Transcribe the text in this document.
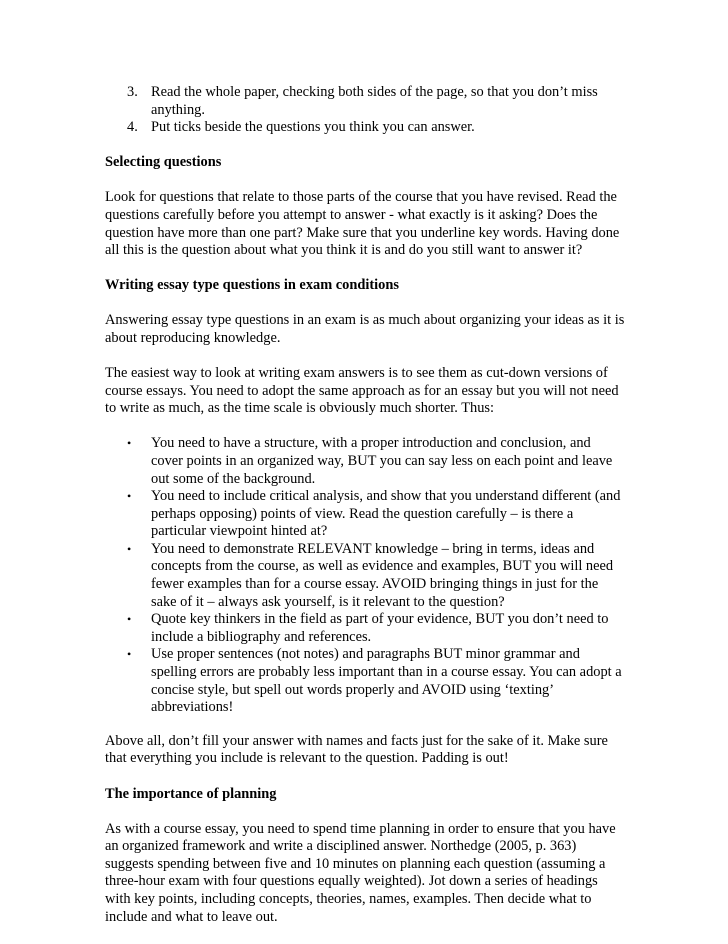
3. Read the whole paper, checking both sides of the page, so that you don’t miss anything.
4. Put ticks beside the questions you think you can answer.
Selecting questions

Look for questions that relate to those parts of the course that you have revised. Read the questions carefully before you attempt to answer - what exactly is it asking? Does the question have more than one part? Make sure that you underline key words. Having done all this is the question about what you think it is and do you still want to answer it?

Writing essay type questions in exam conditions

Answering essay type questions in an exam is as much about organizing your ideas as it is about reproducing knowledge.

The easiest way to look at writing exam answers is to see them as cut-down versions of course essays. You need to adopt the same approach as for an essay but you will not need to write as much, as the time scale is obviously much shorter. Thus:

• You need to have a structure, with a proper introduction and conclusion, and cover points in an organized way, BUT you can say less on each point and leave out some of the background.
• You need to include critical analysis, and show that you understand different (and perhaps opposing) points of view. Read the question carefully – is there a particular viewpoint hinted at?
• You need to demonstrate RELEVANT knowledge – bring in terms, ideas and concepts from the course, as well as evidence and examples, BUT you will need fewer examples than for a course essay. AVOID bringing things in just for the sake of it – always ask yourself, is it relevant to the question?
• Quote key thinkers in the field as part of your evidence, BUT you don’t need to include a bibliography and references.
• Use proper sentences (not notes) and paragraphs BUT minor grammar and spelling errors are probably less important than in a course essay. You can adopt a concise style, but spell out words properly and AVOID using ‘texting’ abbreviations!

Above all, don’t fill your answer with names and facts just for the sake of it. Make sure that everything you include is relevant to the question. Padding is out!

The importance of planning

As with a course essay, you need to spend time planning in order to ensure that you have an organized framework and write a disciplined answer. Northedge (2005, p. 363) suggests spending between five and 10 minutes on planning each question (assuming a three-hour exam with four questions equally weighted). Jot down a series of headings with key points, including concepts, theories, names, examples. Then decide what to include and what to leave out.
